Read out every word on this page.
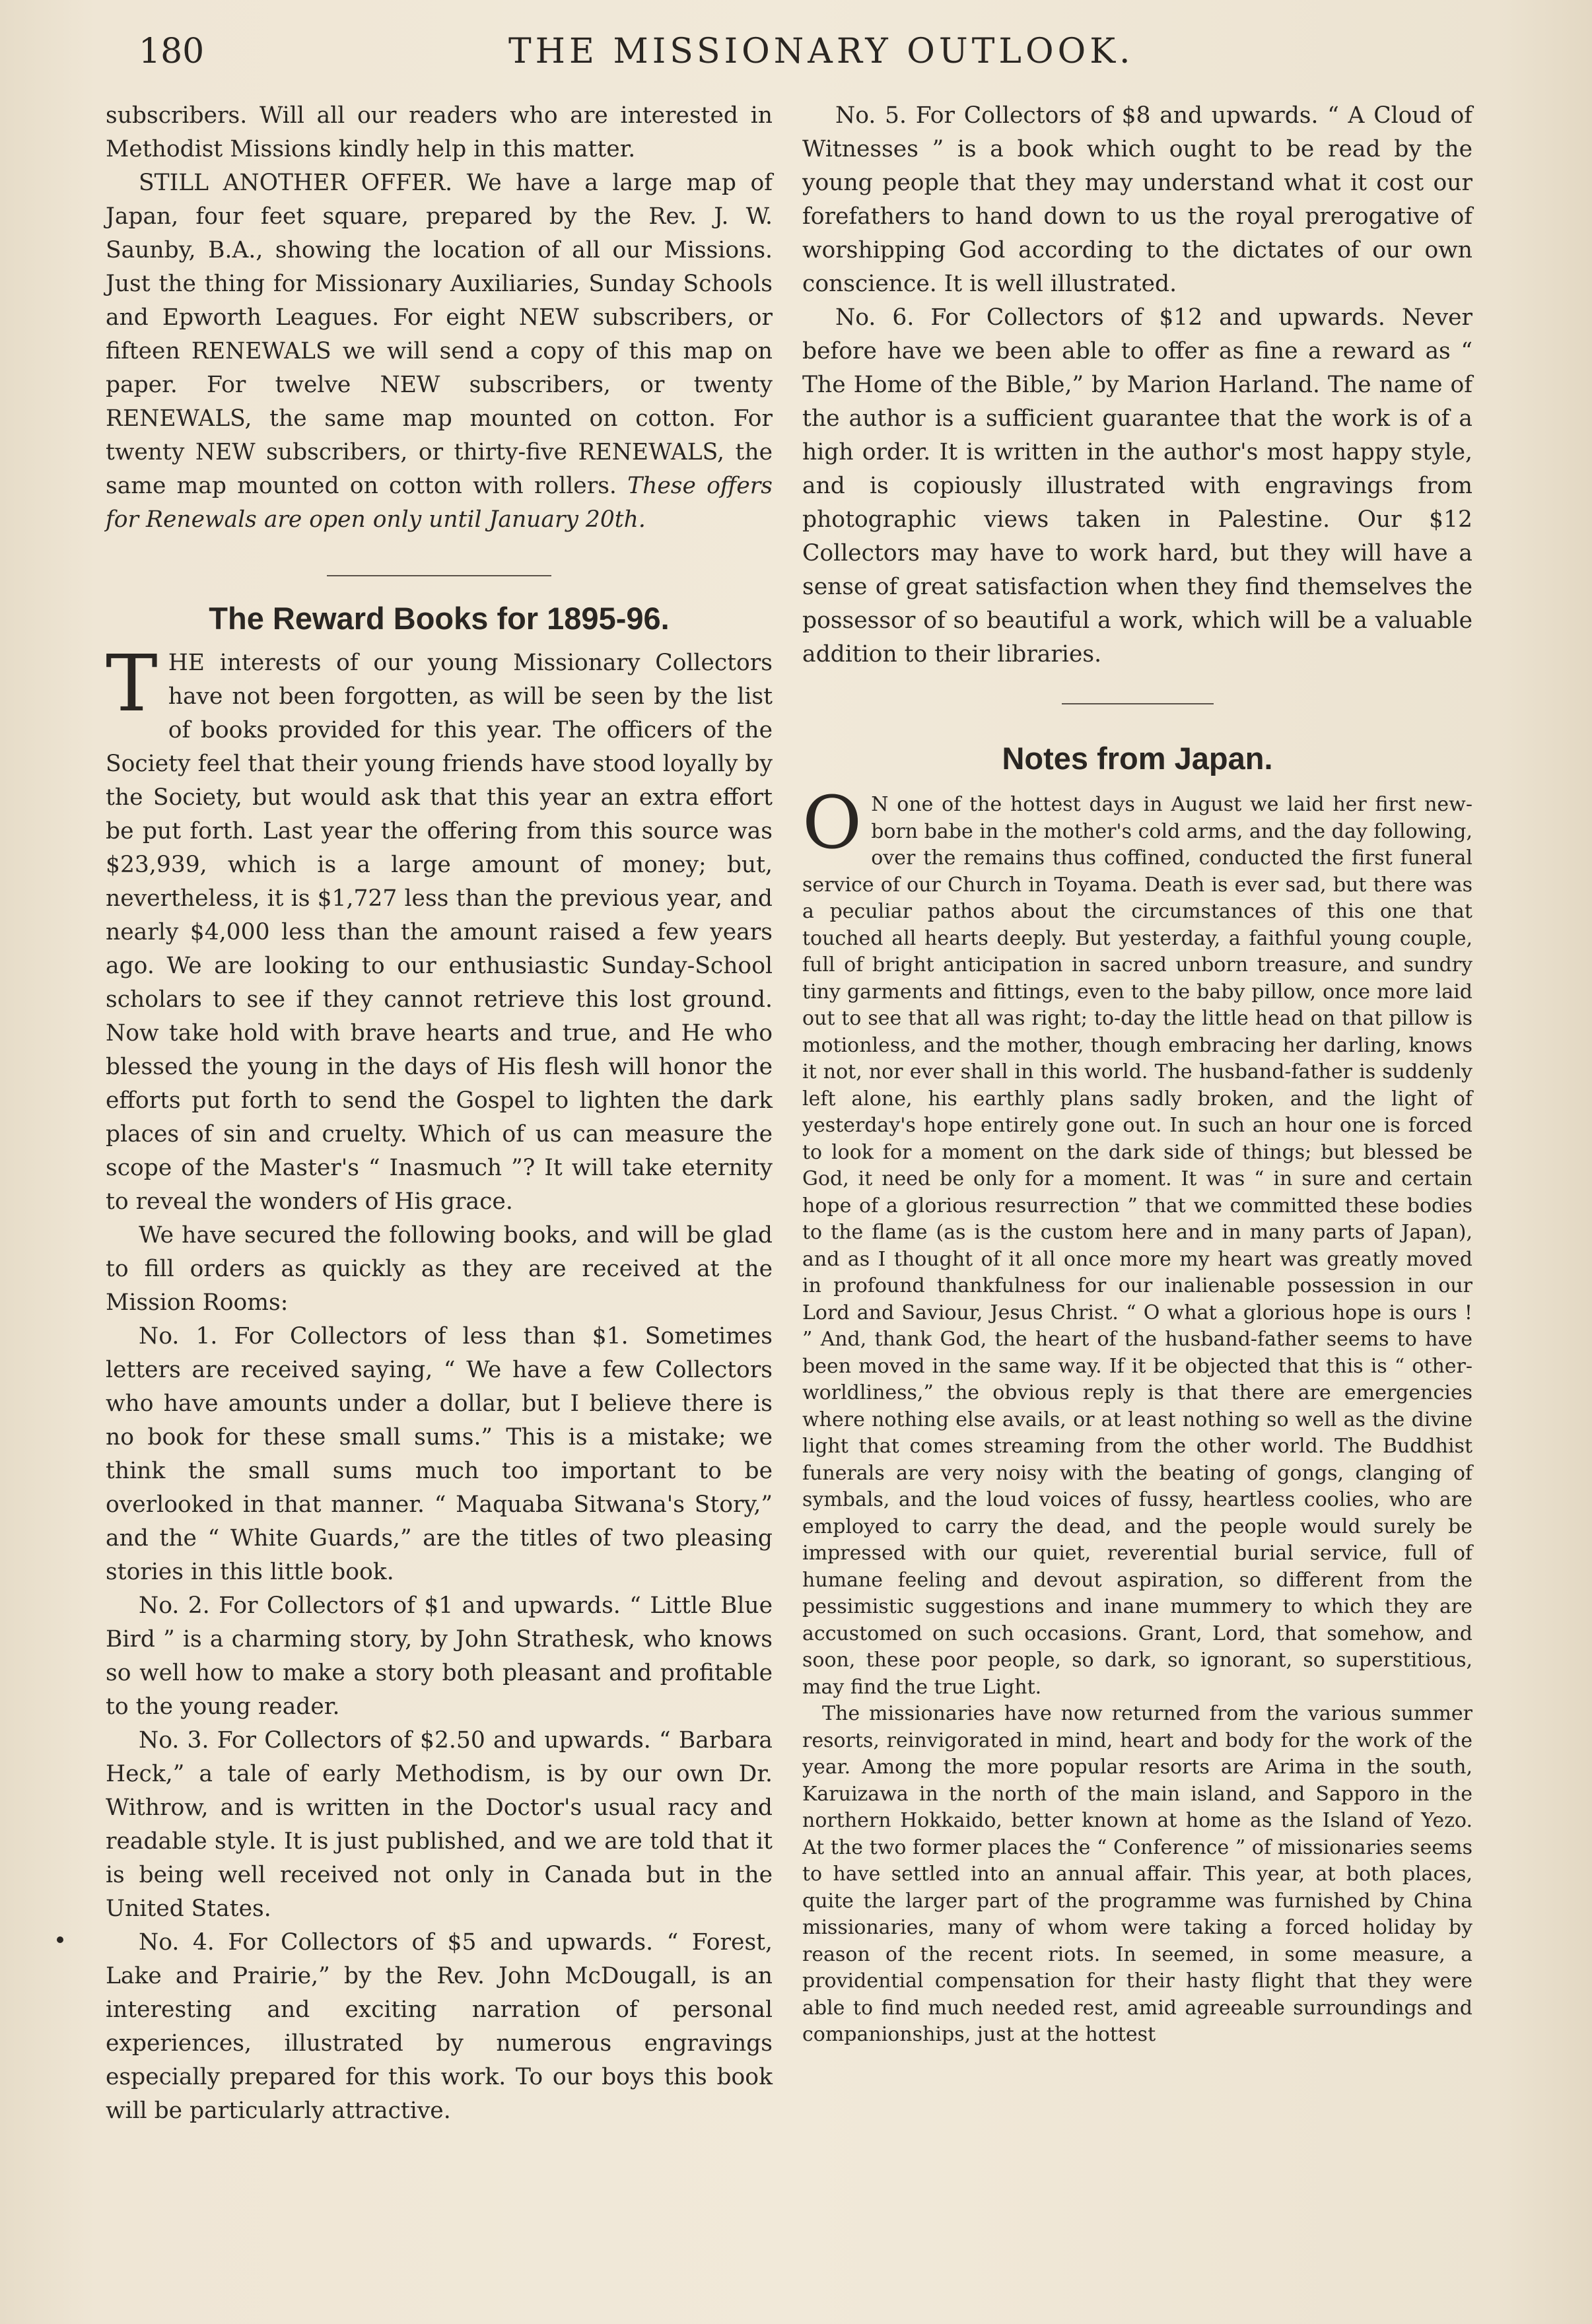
180	THE MISSIONARY OUTLOOK.

subscribers. Will all our readers who are interested in Methodist Missions kindly help in this matter.

STILL ANOTHER OFFER. We have a large map of Japan, four feet square, prepared by the Rev. J. W. Saunby, B.A., showing the location of all our Missions. Just the thing for Missionary Auxiliaries, Sunday Schools and Epworth Leagues. For eight NEW subscribers, or fifteen RENEWALS we will send a copy of this map on paper. For twelve NEW subscribers, or twenty RENEWALS, the same map mounted on cotton. For twenty NEW subscribers, or thirty-five RENEWALS, the same map mounted on cotton with rollers. These offers for Renewals are open only until January 20th.

The Reward Books for 1895-96.

THE interests of our young Missionary Collectors have not been forgotten, as will be seen by the list of books provided for this year. The officers of the Society feel that their young friends have stood loyally by the Society, but would ask that this year an extra effort be put forth. Last year the offering from this source was $23,939, which is a large amount of money; but, nevertheless, it is $1,727 less than the previous year, and nearly $4,000 less than the amount raised a few years ago. We are looking to our enthusiastic Sunday-School scholars to see if they cannot retrieve this lost ground. Now take hold with brave hearts and true, and He who blessed the young in the days of His flesh will honor the efforts put forth to send the Gospel to lighten the dark places of sin and cruelty. Which of us can measure the scope of the Master's “ Inasmuch ”? It will take eternity to reveal the wonders of His grace.

We have secured the following books, and will be glad to fill orders as quickly as they are received at the Mission Rooms:

No. 1. For Collectors of less than $1. Sometimes letters are received saying, “ We have a few Collectors who have amounts under a dollar, but I believe there is no book for these small sums.” This is a mistake; we think the small sums much too important to be overlooked in that manner. “ Maquaba Sitwana's Story,” and the “ White Guards,” are the titles of two pleasing stories in this little book.

No. 2. For Collectors of $1 and upwards. “ Little Blue Bird ” is a charming story, by John Strathesk, who knows so well how to make a story both pleasant and profitable to the young reader.

No. 3. For Collectors of $2.50 and upwards. “ Barbara Heck,” a tale of early Methodism, is by our own Dr. Withrow, and is written in the Doctor's usual racy and readable style. It is just published, and we are told that it is being well received not only in Canada but in the United States.

No. 4. For Collectors of $5 and upwards. “ Forest, Lake and Prairie,” by the Rev. John McDougall, is an interesting and exciting narration of personal experiences, illustrated by numerous engravings especially prepared for this work. To our boys this book will be particularly attractive.

No. 5. For Collectors of $8 and upwards. “ A Cloud of Witnesses ” is a book which ought to be read by the young people that they may understand what it cost our forefathers to hand down to us the royal prerogative of worshipping God according to the dictates of our own conscience. It is well illustrated.

No. 6. For Collectors of $12 and upwards. Never before have we been able to offer as fine a reward as “ The Home of the Bible,” by Marion Harland. The name of the author is a sufficient guarantee that the work is of a high order. It is written in the author's most happy style, and is copiously illustrated with engravings from photographic views taken in Palestine. Our $12 Collectors may have to work hard, but they will have a sense of great satisfaction when they find themselves the possessor of so beautiful a work, which will be a valuable addition to their libraries.

Notes from Japan.

O N one of the hottest days in August we laid her first new-born babe in the mother's cold arms, and the day following, over the remains thus coffined, conducted the first funeral service of our Church in Toyama. Death is ever sad, but there was a peculiar pathos about the circumstances of this one that touched all hearts deeply. But yesterday, a faithful young couple, full of bright anticipation in sacred unborn treasure, and sundry tiny garments and fittings, even to the baby pillow, once more laid out to see that all was right; to-day the little head on that pillow is motionless, and the mother, though embracing her darling, knows it not, nor ever shall in this world. The husband-father is suddenly left alone, his earthly plans sadly broken, and the light of yesterday's hope entirely gone out. In such an hour one is forced to look for a moment on the dark side of things; but blessed be God, it need be only for a moment. It was “ in sure and certain hope of a glorious resurrection ” that we committed these bodies to the flame (as is the custom here and in many parts of Japan), and as I thought of it all once more my heart was greatly moved in profound thankfulness for our inalienable possession in our Lord and Saviour, Jesus Christ. “ O what a glorious hope is ours ! ” And, thank God, the heart of the husband-father seems to have been moved in the same way. If it be objected that this is “ other-worldliness,” the obvious reply is that there are emergencies where nothing else avails, or at least nothing so well as the divine light that comes streaming from the other world. The Buddhist funerals are very noisy with the beating of gongs, clanging of symbals, and the loud voices of fussy, heartless coolies, who are employed to carry the dead, and the people would surely be impressed with our quiet, reverential burial service, full of humane feeling and devout aspiration, so different from the pessimistic suggestions and inane mummery to which they are accustomed on such occasions. Grant, Lord, that somehow, and soon, these poor people, so dark, so ignorant, so superstitious, may find the true Light.

The missionaries have now returned from the various summer resorts, reinvigorated in mind, heart and body for the work of the year. Among the more popular resorts are Arima in the south, Karuizawa in the north of the main island, and Sapporo in the northern Hokkaido, better known at home as the Island of Yezo. At the two former places the “ Conference ” of missionaries seems to have settled into an annual affair. This year, at both places, quite the larger part of the programme was furnished by China missionaries, many of whom were taking a forced holiday by reason of the recent riots. In seemed, in some measure, a providential compensation for their hasty flight that they were able to find much needed rest, amid agreeable surroundings and companionships, just at the hottest
